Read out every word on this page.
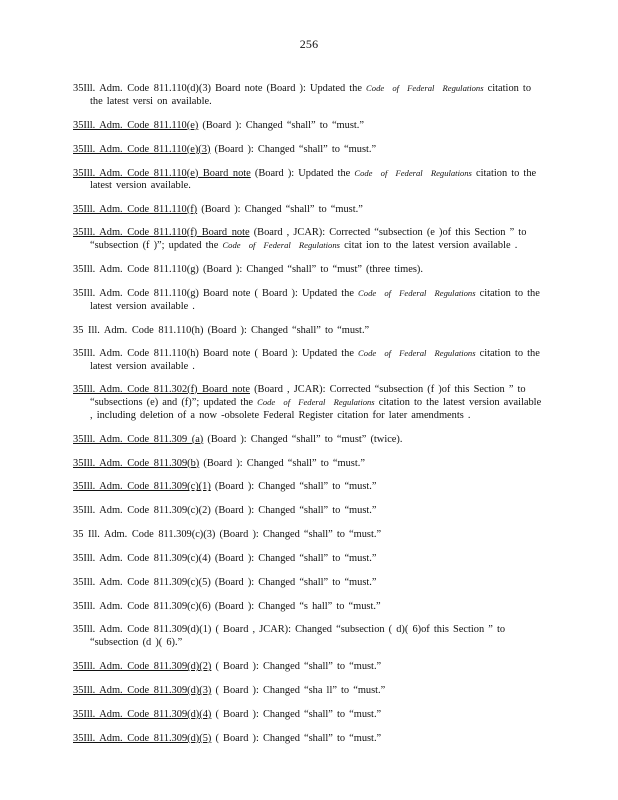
256

35Ill. Adm. Code 811.110(d)(3) Board note (Board ): Updated the Code of Federal Regulations citation to the latest versi on available.

35Ill. Adm. Code 811.110(e) (Board ): Changed “shall” to “must.”

35Ill. Adm. Code 811.110(e)(3) (Board ): Changed “shall” to “must.”

35Ill. Adm. Code 811.110(e) Board note (Board ): Updated the Code of Federal Regulations citation to the latest version available.

35Ill. Adm. Code 811.110(f) (Board ): Changed “shall” to “must.”

35Ill. Adm. Code 811.110(f) Board note (Board , JCAR): Corrected “subsection (e )of this Section ” to “subsection (f )”; updated the Code of Federal Regulations citat ion to the latest version available .

35Ill. Adm. Code 811.110(g) (Board ): Changed “shall” to “must” (three times).

35Ill. Adm. Code 811.110(g) Board note ( Board ): Updated the Code of Federal Regulations citation to the latest version available .

35 Ill. Adm. Code 811.110(h) (Board ): Changed “shall” to “must.”

35Ill. Adm. Code 811.110(h) Board note ( Board ): Updated the Code of Federal Regulations citation to the latest version available .

35Ill. Adm. Code 811.302(f) Board note (Board , JCAR): Corrected “subsection (f )of this Section ” to “subsections (e) and (f)”; updated the Code of Federal Regulations citation to the latest version available , including deletion of a now -obsolete Federal Register citation for later amendments .

35Ill. Adm. Code 811.309 (a) (Board ): Changed “shall” to “must” (twice).

35Ill. Adm. Code 811.309(b) (Board ): Changed “shall” to “must.”

35Ill. Adm. Code 811.309(c)(1) (Board ): Changed “shall” to “must.”

35Ill. Adm. Code 811.309(c)(2) (Board ): Changed “shall” to “must.”

35 Ill. Adm. Code 811.309(c)(3) (Board ): Changed “shall” to “must.”

35Ill. Adm. Code 811.309(c)(4) (Board ): Changed “shall” to “must.”

35Ill. Adm. Code 811.309(c)(5) (Board ): Changed “shall” to “must.”

35Ill. Adm. Code 811.309(c)(6) (Board ): Changed “s hall” to “must.”

35Ill. Adm. Code 811.309(d)(1) ( Board , JCAR): Changed “subsection ( d)( 6)of this Section ” to “subsection (d )( 6).”

35Ill. Adm. Code 811.309(d)(2) ( Board ): Changed “shall” to “must.”

35Ill. Adm. Code 811.309(d)(3) ( Board ): Changed “sha ll” to “must.”

35Ill. Adm. Code 811.309(d)(4) ( Board ): Changed “shall” to “must.”

35Ill. Adm. Code 811.309(d)(5) ( Board ): Changed “shall” to “must.”
